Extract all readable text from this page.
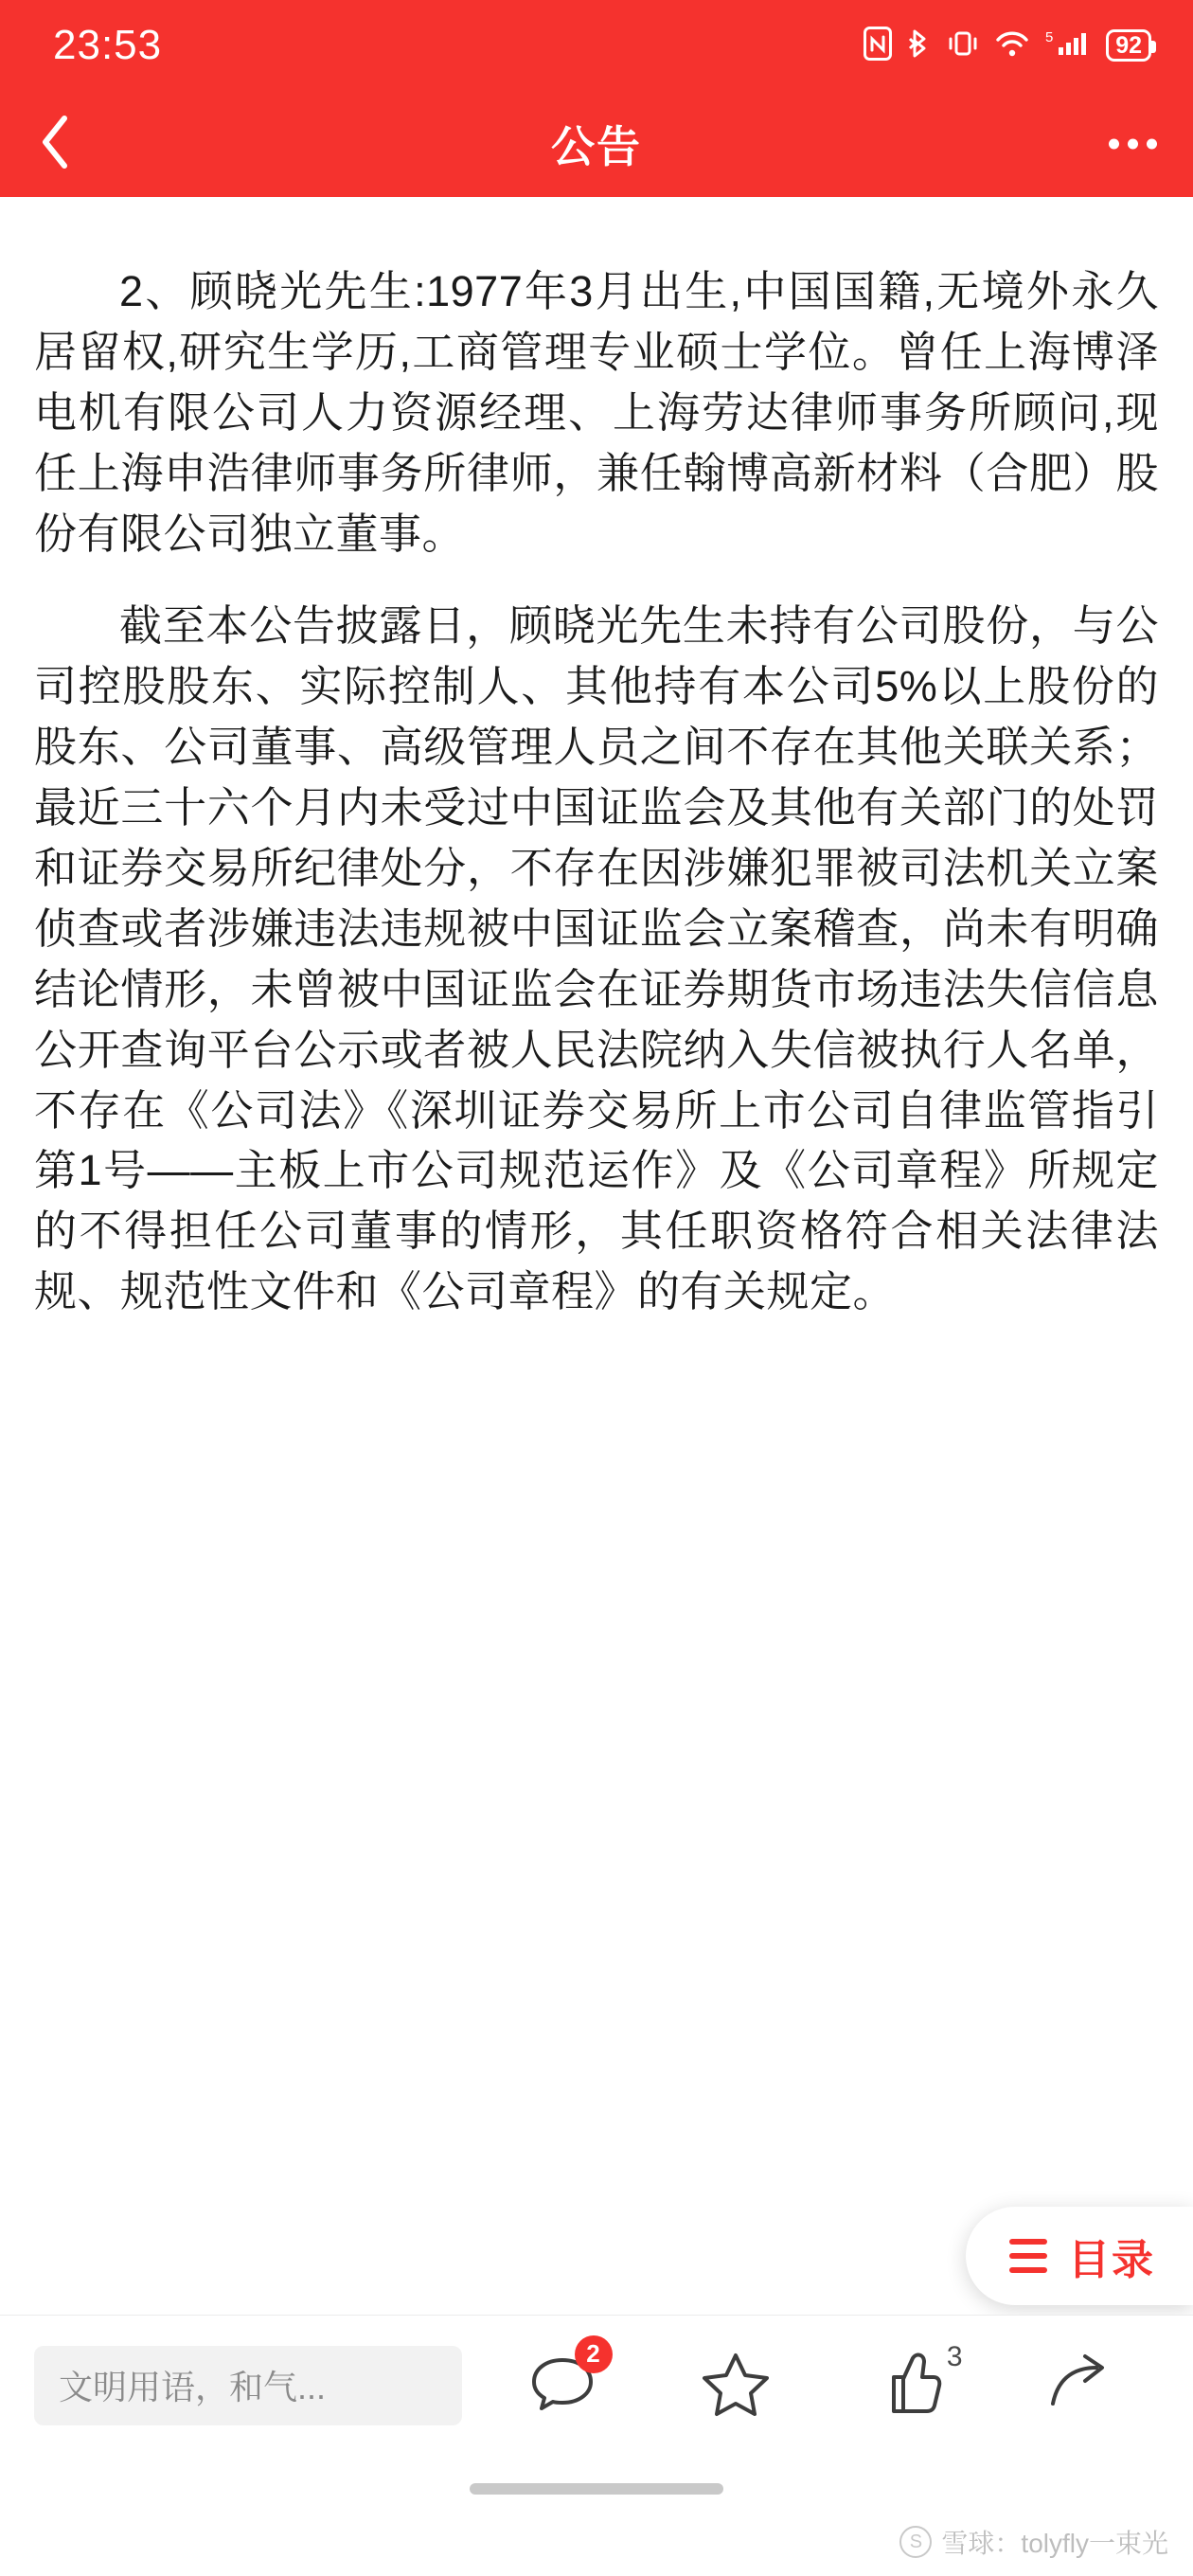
23:53	5	92
公告

2、顾晓光先生:1977年3月出生,中国国籍,无境外永久居留权,研究生学历,工商管理专业硕士学位。曾任上海博泽电机有限公司人力资源经理、上海劳达律师事务所顾问,现任上海申浩律师事务所律师，兼任翰博高新材料（合肥）股份有限公司独立董事。

截至本公告披露日，顾晓光先生未持有公司股份，与公司控股股东、实际控制人、其他持有本公司5%以上股份的股东、公司董事、高级管理人员之间不存在其他关联关系；最近三十六个月内未受过中国证监会及其他有关部门的处罚和证券交易所纪律处分，不存在因涉嫌犯罪被司法机关立案侦查或者涉嫌违法违规被中国证监会立案稽查，尚未有明确结论情形，未曾被中国证监会在证券期货市场违法失信信息公开查询平台公示或者被人民法院纳入失信被执行人名单，不存在《公司法》《深圳证券交易所上市公司自律监管指引第1号——主板上市公司规范运作》及《公司章程》所规定的不得担任公司董事的情形，其任职资格符合相关法律法规、规范性文件和《公司章程》的有关规定。

目录
文明用语，和气...
2	3
S 雪球：tolyfly一束光
